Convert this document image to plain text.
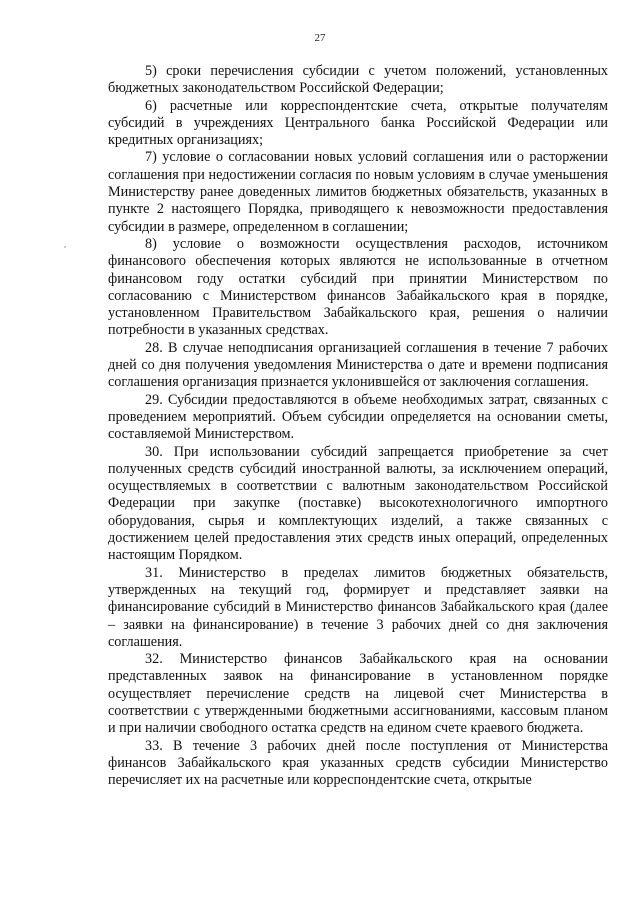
27

5) сроки перечисления субсидии с учетом положений, установленных бюджетных законодательством Российской Федерации;

6) расчетные или корреспондентские счета, открытые получателям субсидий в учреждениях Центрального банка Российской Федерации или кредитных организациях;

7) условие о согласовании новых условий соглашения или о расторжении соглашения при недостижении согласия по новым условиям в случае уменьшения Министерству ранее доведенных лимитов бюджетных обязательств, указанных в пункте 2 настоящего Порядка, приводящего к невозможности предоставления субсидии в размере, определенном в соглашении;

8) условие о возможности осуществления расходов, источником финансового обеспечения которых являются не использованные в отчетном финансовом году остатки субсидий при принятии Министерством по согласованию с Министерством финансов Забайкальского края в порядке, установленном Правительством Забайкальского края, решения о наличии потребности в указанных средствах.

28. В случае неподписания организацией соглашения в течение 7 рабочих дней со дня получения уведомления Министерства о дате и времени подписания соглашения организация признается уклонившейся от заключения соглашения.

29. Субсидии предоставляются в объеме необходимых затрат, связанных с проведением мероприятий. Объем субсидии определяется на основании сметы, составляемой Министерством.

30. При использовании субсидий запрещается приобретение за счет полученных средств субсидий иностранной валюты, за исключением операций, осуществляемых в соответствии с валютным законодательством Российской Федерации при закупке (поставке) высокотехнологичного импортного оборудования, сырья и комплектующих изделий, а также связанных с достижением целей предоставления этих средств иных операций, определенных настоящим Порядком.

31. Министерство в пределах лимитов бюджетных обязательств, утвержденных на текущий год, формирует и представляет заявки на финансирование субсидий в Министерство финансов Забайкальского края (далее – заявки на финансирование) в течение 3 рабочих дней со дня заключения соглашения.

32. Министерство финансов Забайкальского края на основании представленных заявок на финансирование в установленном порядке осуществляет перечисление средств на лицевой счет Министерства в соответствии с утвержденными бюджетными ассигнованиями, кассовым планом и при наличии свободного остатка средств на едином счете краевого бюджета.

33. В течение 3 рабочих дней после поступления от Министерства финансов Забайкальского края указанных средств субсидии Министерство перечисляет их на расчетные или корреспондентские счета, открытые
